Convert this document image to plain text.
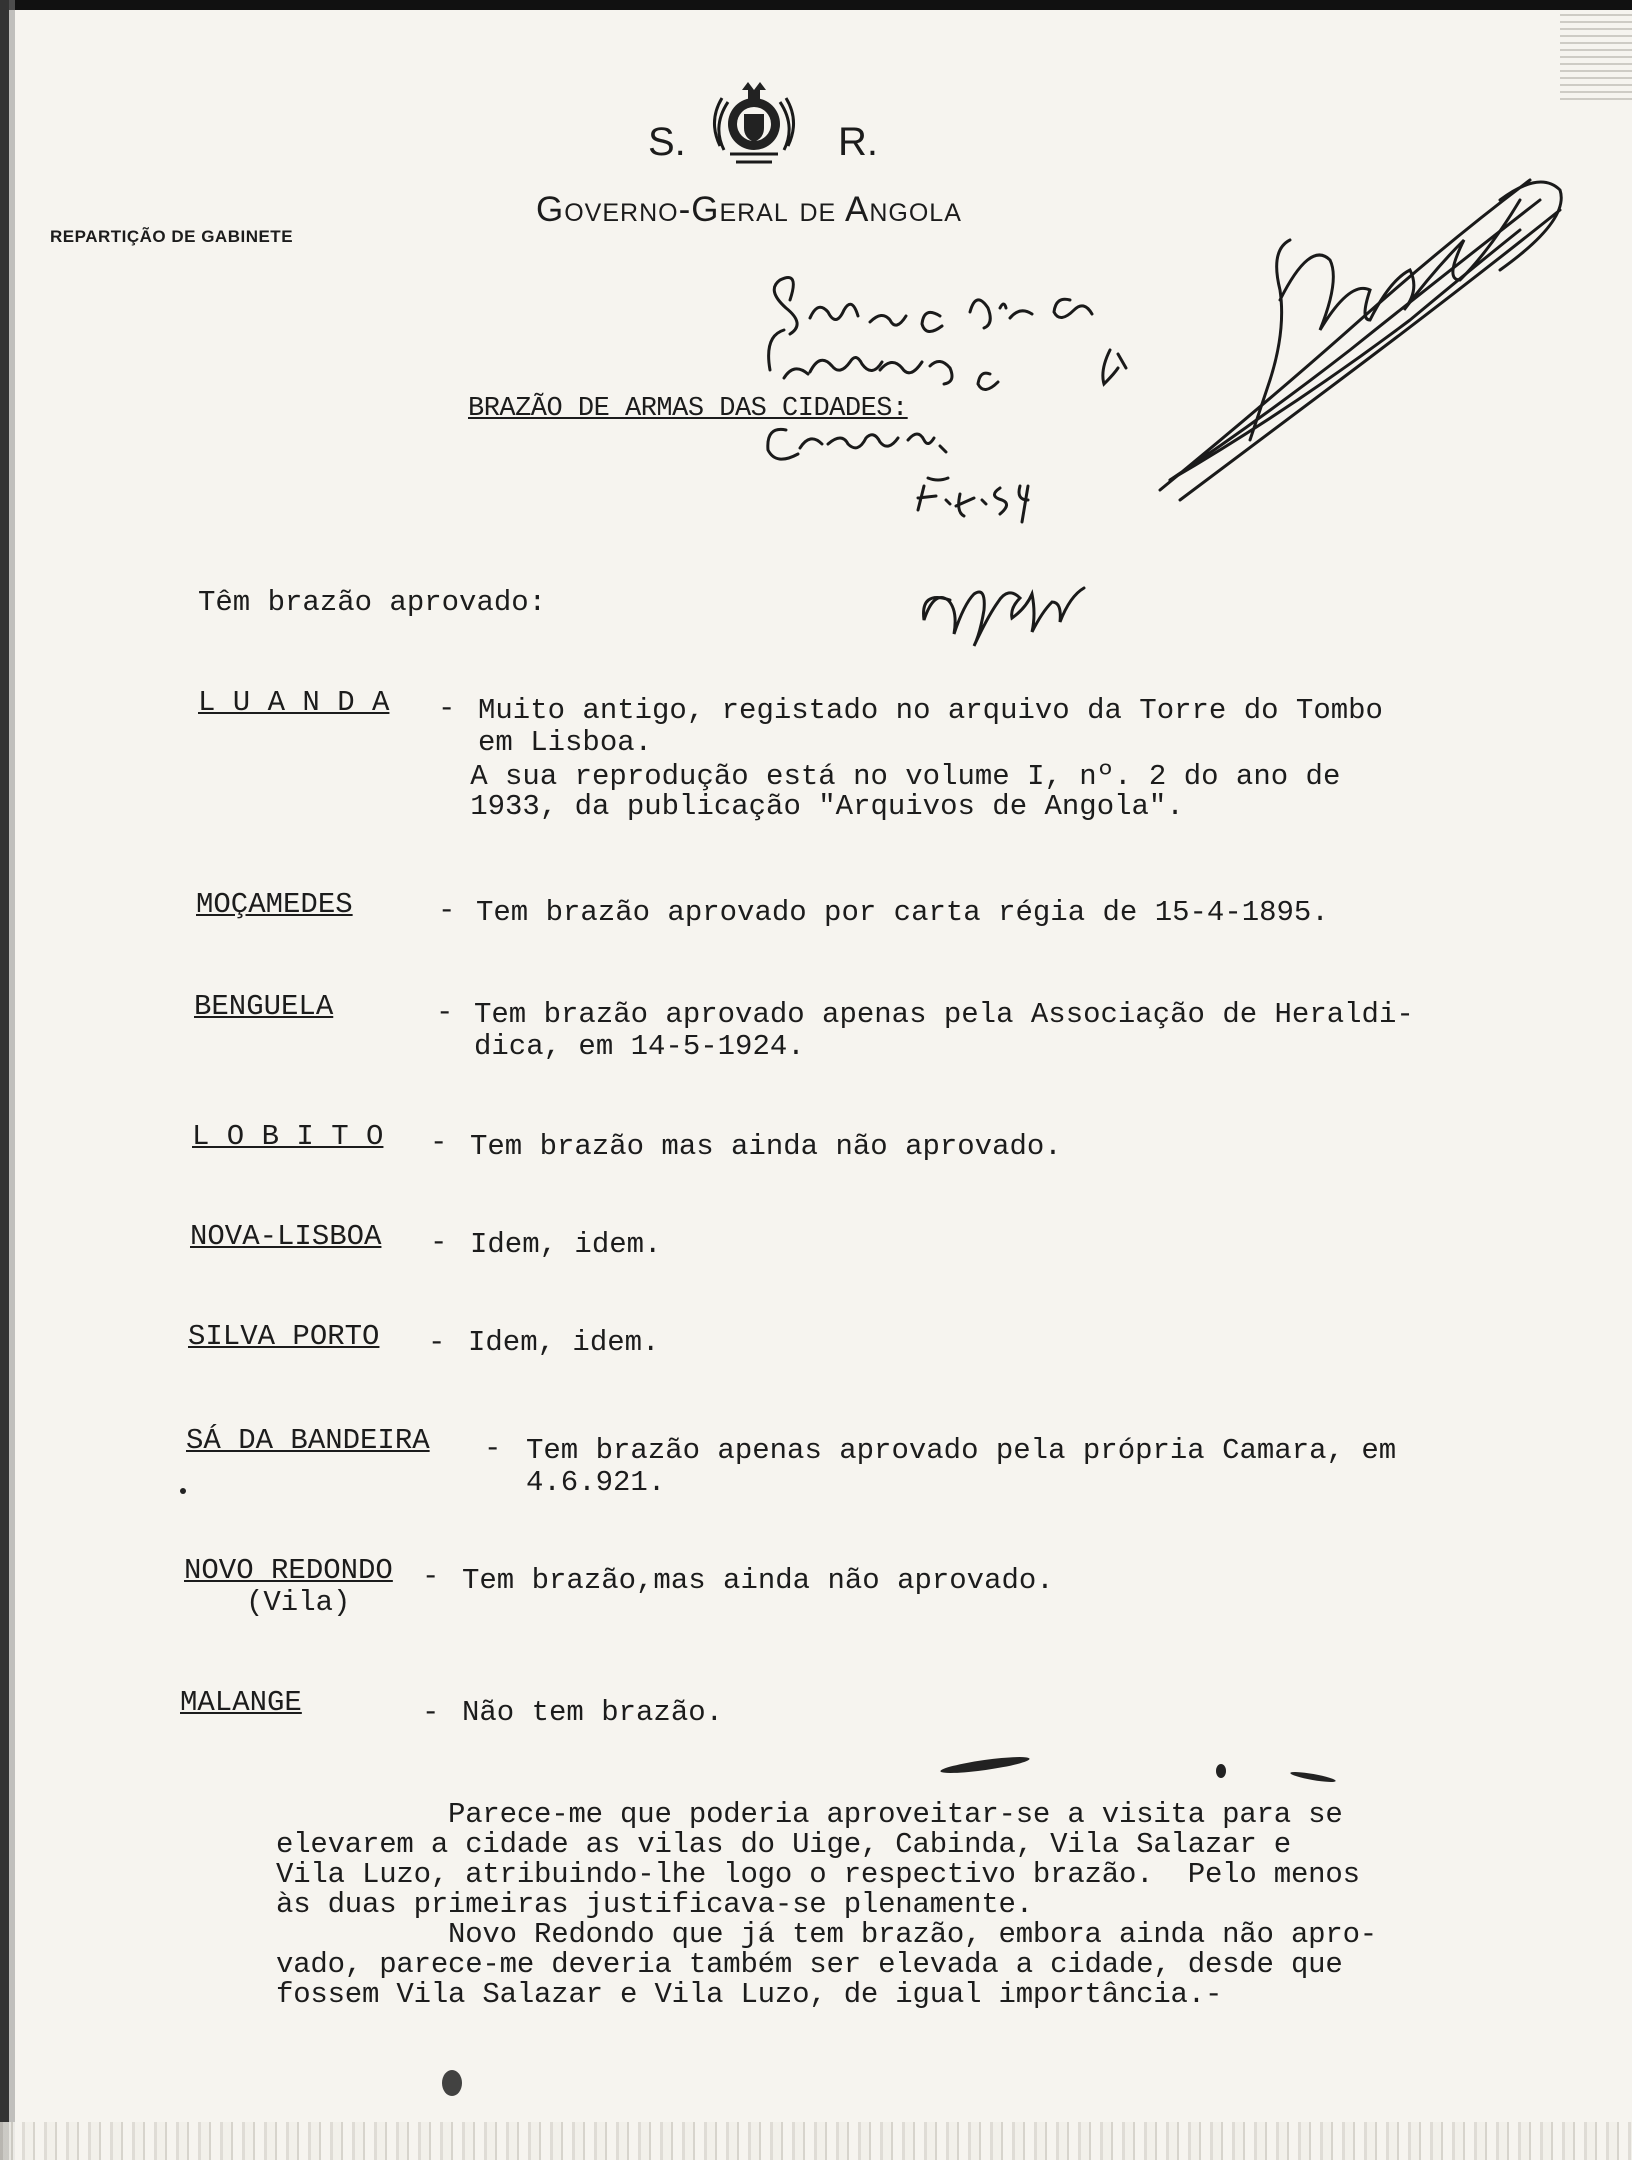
S.	R.
Governo-Geral de Angola
REPARTIÇÃO DE GABINETE
BRAZÃO DE ARMAS DAS CIDADES:
Têm brazão aprovado:
L U A N D A - Muito antigo, registado no arquivo da Torre do Tombo
em Lisboa.
A sua reprodução está no volume I, nº. 2 do ano de
1933, da publicação "Arquivos de Angola".
MOÇAMEDES	- Tem brazão aprovado por carta régia de 15-4-1895.
BENGUELA	- Tem brazão aprovado apenas pela Associação de Heraldi-
dica, em 14-5-1924.
L O B I T O - Tem brazão mas ainda não aprovado.
NOVA-LISBOA - Idem, idem.
SILVA PORTO - Idem, idem.
SÁ DA BANDEIRA - Tem brazão apenas aprovado pela própria Camara, em
4.6.921.
NOVO REDONDO -
(Vila)
Tem brazão,mas ainda não aprovado.
MALANGE	- Não tem brazão.
Parece-me que poderia aproveitar-se a visita para se
elevarem a cidade as vilas do Uige, Cabinda, Vila Salazar e
Vila Luzo, atribuindo-lhe logo o respectivo brazão.  Pelo menos
às duas primeiras justificava-se plenamente.
Novo Redondo que já tem brazão, embora ainda não apro-
vado, parece-me deveria também ser elevada a cidade, desde que
fossem Vila Salazar e Vila Luzo, de igual importância.-
